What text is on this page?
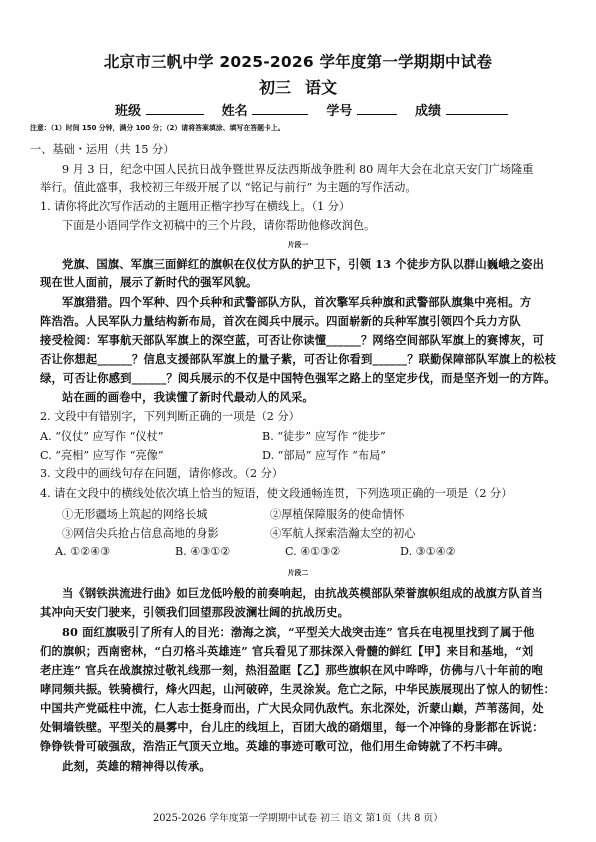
北京市三帆中学 2025-2026 学年度第一学期期中试卷
初三 语文
班级	姓名	学号	成绩
注意：（1）时间 150 分钟，满分 100 分；（2）请将答案填涂、填写在答题卡上。
一、基础・运用（共 15 分）
9 月 3 日，纪念中国人民抗日战争暨世界反法西斯战争胜利 80 周年大会在北京天安门广场隆重
举行。值此盛事，我校初三年级开展了以 “铭记与前行” 为主题的写作活动。
1. 请你将此次写作活动的主题用正楷字抄写在横线上。（1 分）
下面是小语同学作文初稿中的三个片段，请你帮助他修改润色。
片段一
党旗、国旗、军旗三面鲜红的旗帜在仪仗方队的护卫下，引领 13 个徒步方队以群山巍峨之姿出
现在世人面前，展示了新时代的强军风貌。
军旗猎猎。四个军种、四个兵种和武警部队方队，首次擎军兵种旗和武警部队旗集中亮相。方
阵浩浩。人民军队力量结构新布局，首次在阅兵中展示。四面崭新的兵种军旗引领四个兵力方队
接受检阅：军事航天部队军旗上的深空蓝，可否让你读懂______？网络空间部队军旗上的赛博灰，可
否让你想起______？信息支援部队军旗上的量子紫，可否让你看到______？联勤保障部队军旗上的松枝
绿，可否让你感到______？阅兵展示的不仅是中国特色强军之路上的坚定步伐，而是坚齐划一的方阵。
站在画的画卷中，我读懂了新时代最动人的风采。
2. 文段中有错别字，下列判断正确的一项是（2 分）
A. “仪仗” 应写作 “仪杖”	B. “徒步” 应写作 “徙步”
C. “亮相” 应写作 “亮像”	D. “部局” 应写作 “布局”
3. 文段中的画线句存在问题，请你修改。（2 分）
4. 请在文段中的横线处依次填上恰当的短语，使文段通畅连贯，下列选项正确的一项是（2 分）
①无形疆场上筑起的网络长城	②厚植保障服务的使命情怀
③网信尖兵抢占信息高地的身影	④军航人探索浩瀚太空的初心
A. ①②④③	B. ④③①②	C. ④①③②	D. ③①④②
片段二
当《钢铁洪流进行曲》如巨龙低吟般的前奏响起，由抗战英模部队荣誉旗帜组成的战旗方队首当
其冲向天安门驶来，引领我们回望那段波澜壮阔的抗战历史。
80 面红旗吸引了所有人的目光：渤海之滨，“平型关大战突击连” 官兵在电视里找到了属于他
们的旗帜；西南密林，“白刃格斗英雄连” 官兵看见了那抹深入骨髓的鲜红【甲】来目和基地，“刘
老庄连” 官兵在战旗掠过敬礼线那一刻，热泪盈眶【乙】那些旗帜在风中哗哗，仿佛与八十年前的咆
哮同频共振。铁骑横行，烽火四起，山河破碎，生灵涂炭。危亡之际，中华民族展现出了惊人的韧性：
中国共产党砥柱中流，仁人志士挺身而出，广大民众同仇敌忾。东北深处，沂蒙山巅，芦苇荡间，处
处铜墙铁壁。平型关的晨雾中，台儿庄的线垣上，百团大战的硝烟里，每一个冲锋的身影都在诉说：
铮铮铁骨可破强敌，浩浩正气顶天立地。英雄的事迹可歌可泣，他们用生命铸就了不朽丰碑。
此刻，英雄的精神得以传承。
2025-2026 学年度第一学期期中试卷 初三 语文 第1页（共 8 页）
